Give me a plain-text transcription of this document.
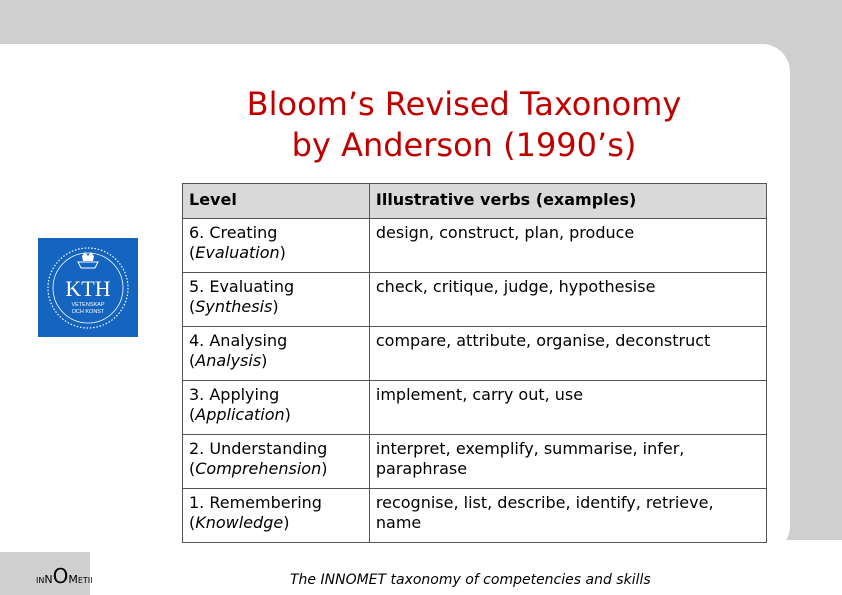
Bloom’s Revised Taxonomy
by Anderson (1990’s)
KTH
VETENSKAP
OCH KONST
Level	Illustrative verbs (examples)

6. Creating
(Evaluation)	design, construct, plan, produce

5. Evaluating
(Synthesis)	check, critique, judge, hypothesise

4. Analysing
(Analysis)	compare, attribute, organise, deconstruct

3. Applying
(Application)	implement, carry out, use

2. Understanding
(Comprehension)	interpret, exemplify, summarise, infer, paraphrase

1. Remembering
(Knowledge)	recognise, list, describe, identify, retrieve, name
INNOMETII	The INNOMET taxonomy of competencies and skills
